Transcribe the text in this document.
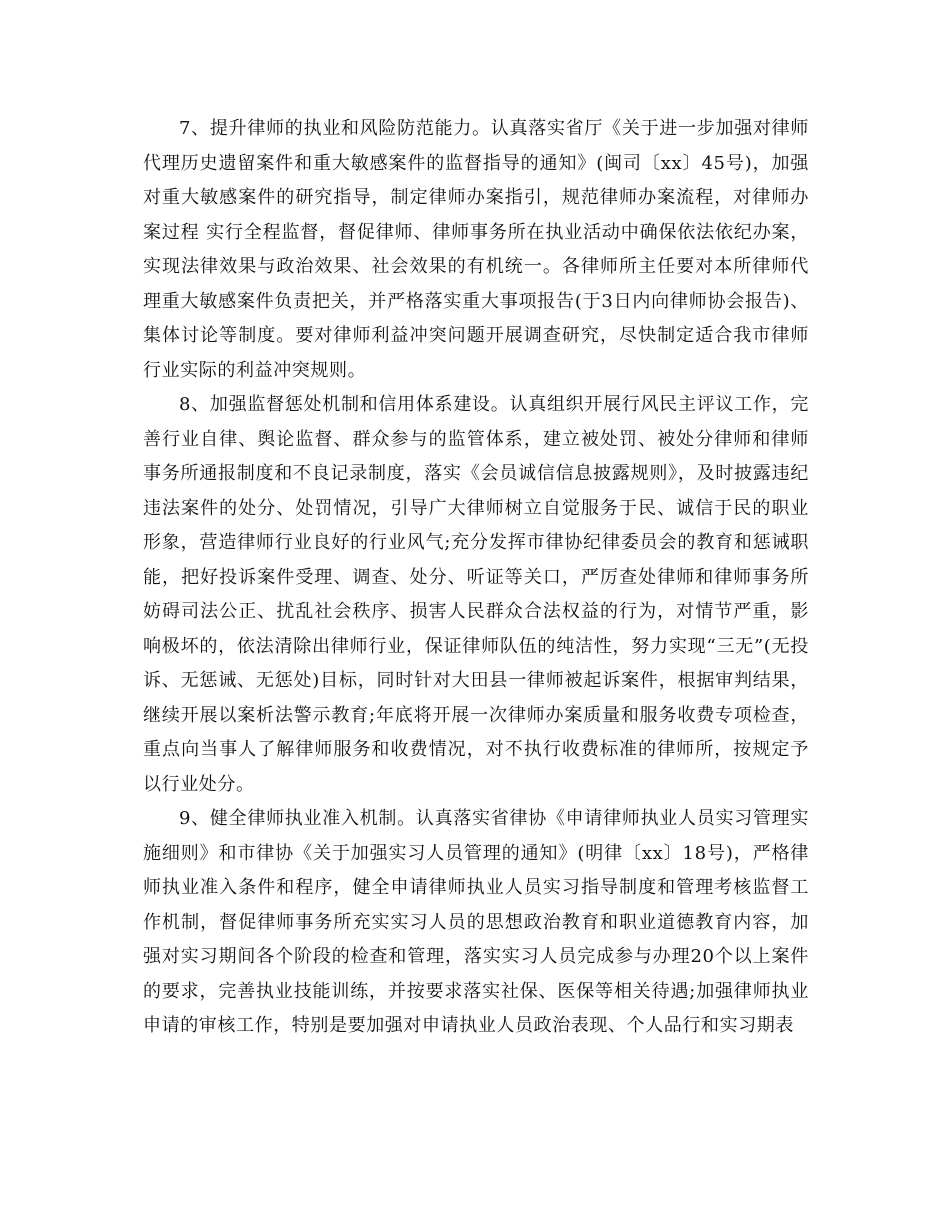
7、提升律师的执业和风险防范能力。认真落实省厅《关于进一步加强对律师代理历史遗留案件和重大敏感案件的监督指导的通知》(闽司〔xx〕45号)，加强对重大敏感案件的研究指导，制定律师办案指引，规范律师办案流程，对律师办案过程 实行全程监督，督促律师、律师事务所在执业活动中确保依法依纪办案，实现法律效果与政治效果、社会效果的有机统一。各律师所主任要对本所律师代理重大敏感案件负责把关，并严格落实重大事项报告(于3日内向律师协会报告)、集体讨论等制度。要对律师利益冲突问题开展调查研究，尽快制定适合我市律师行业实际的利益冲突规则。

8、加强监督惩处机制和信用体系建设。认真组织开展行风民主评议工作，完善行业自律、舆论监督、群众参与的监管体系，建立被处罚、被处分律师和律师事务所通报制度和不良记录制度，落实《会员诚信信息披露规则》，及时披露违纪违法案件的处分、处罚情况，引导广大律师树立自觉服务于民、诚信于民的职业形象，营造律师行业良好的行业风气;充分发挥市律协纪律委员会的教育和惩诫职能，把好投诉案件受理、调查、处分、听证等关口，严厉查处律师和律师事务所妨碍司法公正、扰乱社会秩序、损害人民群众合法权益的行为，对情节严重，影响极坏的，依法清除出律师行业，保证律师队伍的纯洁性，努力实现“三无”(无投诉、无惩诫、无惩处)目标，同时针对大田县一律师被起诉案件，根据审判结果，继续开展以案析法警示教育;年底将开展一次律师办案质量和服务收费专项检查，重点向当事人了解律师服务和收费情况，对不执行收费标准的律师所，按规定予以行业处分。

9、健全律师执业准入机制。认真落实省律协《申请律师执业人员实习管理实施细则》和市律协《关于加强实习人员管理的通知》(明律〔xx〕18号)，严格律师执业准入条件和程序，健全申请律师执业人员实习指导制度和管理考核监督工作机制，督促律师事务所充实实习人员的思想政治教育和职业道德教育内容，加强对实习期间各个阶段的检查和管理，落实实习人员完成参与办理20个以上案件的要求，完善执业技能训练，并按要求落实社保、医保等相关待遇;加强律师执业申请的审核工作，特别是要加强对申请执业人员政治表现、个人品行和实习期表
